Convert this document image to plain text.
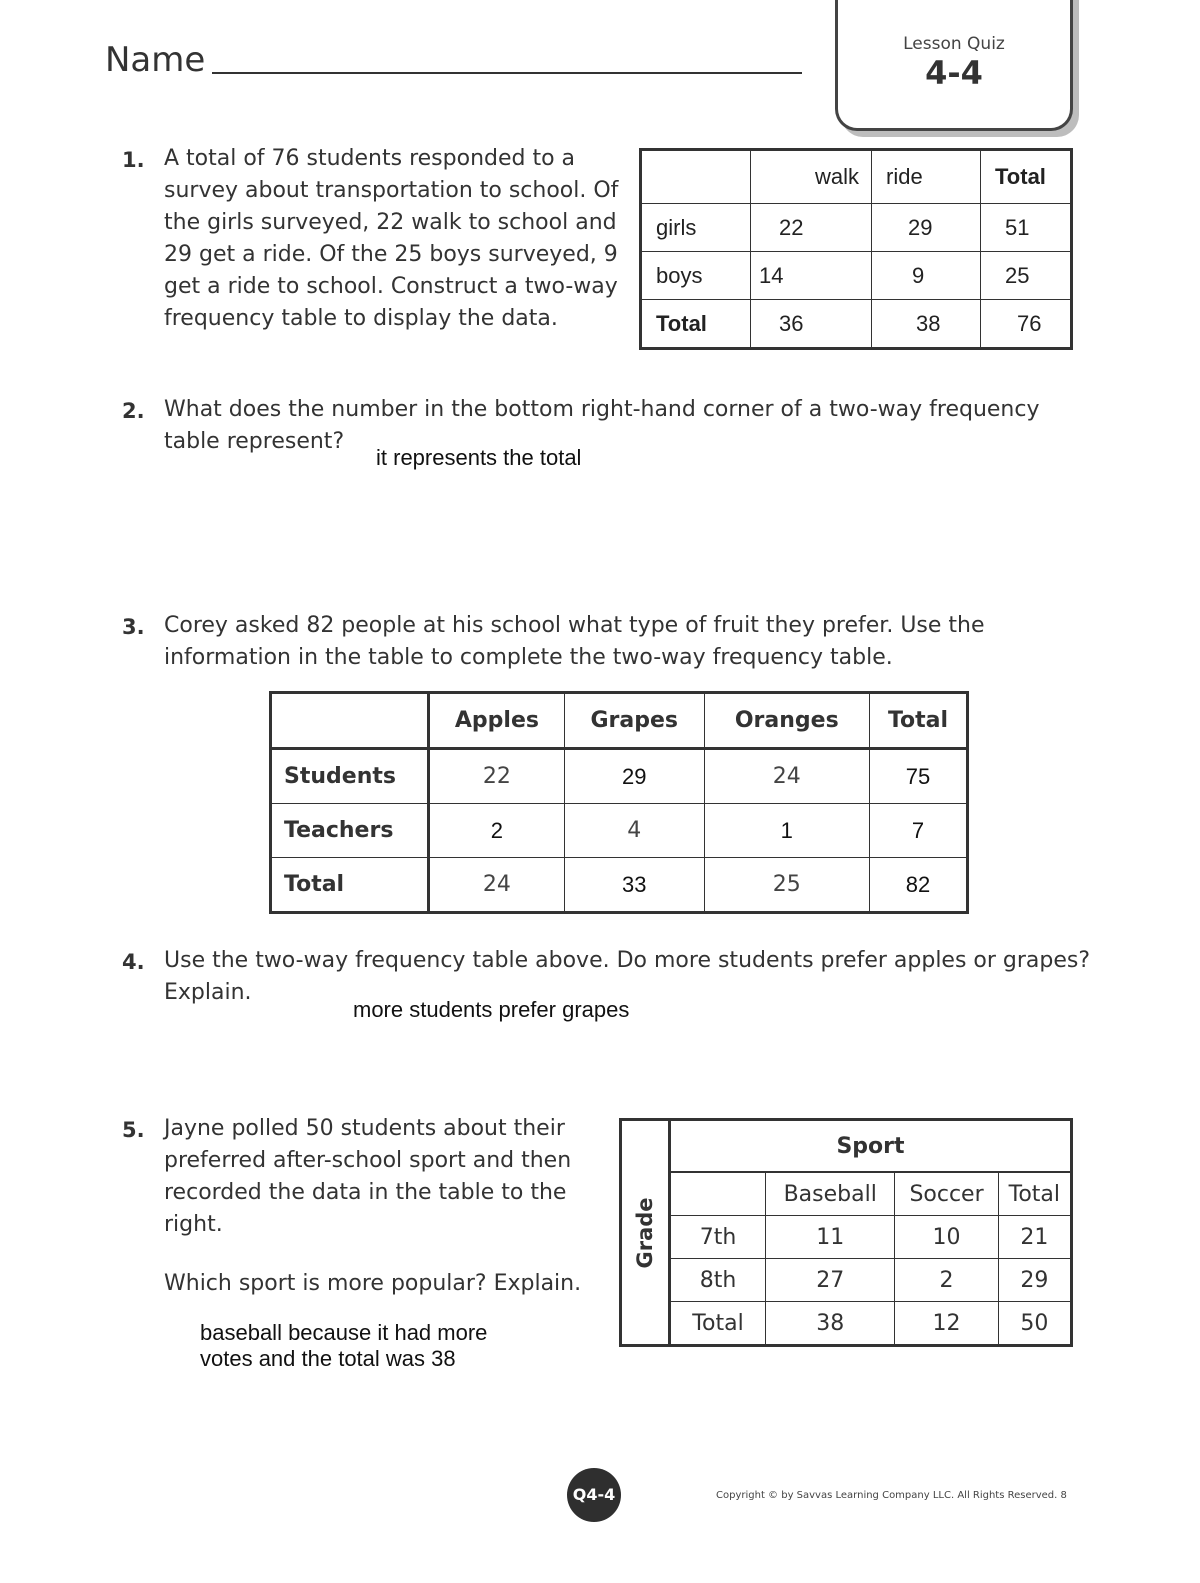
Name	Lesson Quiz
4-4
1. A total of 76 students responded to a
survey about transportation to school. Of
the girls surveyed, 22 walk to school and
29 get a ride. Of the 25 boys surveyed, 9
get a ride to school. Construct a two-way
frequency table to display the data.
	walk	ride	Total
girls	22	29	51
boys	14	9	25
Total	36	38	76
2. What does the number in the bottom right-hand corner of a two-way frequency
table represent?
it represents the total
3. Corey asked 82 people at his school what type of fruit they prefer. Use the
information in the table to complete the two-way frequency table.
	Apples	Grapes	Oranges	Total
Students	22	29	24	75
Teachers	2	4	1	7
Total	24	33	25	82
4. Use the two-way frequency table above. Do more students prefer apples or grapes?
Explain.
more students prefer grapes
5. Jayne polled 50 students about their
preferred after-school sport and then
recorded the data in the table to the
right.
Which sport is more popular? Explain.
baseball because it had more
votes and the total was 38
Grade	Sport			
		Baseball	Soccer	Total
	7th	11	10	21
	8th	27	2	29
	Total	38	12	50
Q4-4	Copyright © by Savvas Learning Company LLC. All Rights Reserved. 8
